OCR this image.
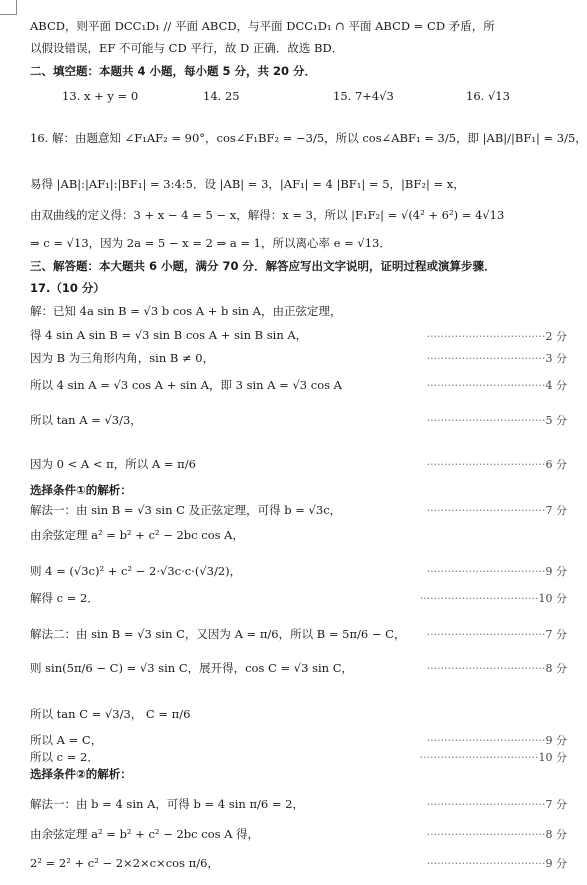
ABCD，则平面 DCC₁D₁ // 平面 ABCD，与平面 DCC₁D₁ ∩ 平面 ABCD = CD 矛盾，所
以假设错误，EF 不可能与 CD 平行，故 D 正确．故选 BD．
二、填空题：本题共 4 小题，每小题 5 分，共 20 分．
13. x + y = 0	14. 25	15. 7+4√3	16. √13
16. 解：由题意知 ∠F₁AF₂ = 90°，cos∠F₁BF₂ = −3/5，所以 cos∠ABF₁ = 3/5，即 |AB|/|BF₁| = 3/5，
易得 |AB|:|AF₁|:|BF₁| = 3:4:5．设 |AB| = 3，|AF₁| = 4 |BF₁| = 5，|BF₂| = x，
由双曲线的定义得：3 + x − 4 = 5 − x，解得：x = 3，所以 |F₁F₂| = √(4² + 6²) = 4√13
⇒ c = √13，因为 2a = 5 − x = 2 ⇒ a = 1，所以离心率 e = √13．
三、解答题：本大题共 6 小题，满分 70 分．解答应写出文字说明，证明过程或演算步骤．
17.（10 分）
解：已知 4a sin B = √3 b cos A + b sin A，由正弦定理，
得 4 sin A sin B = √3 sin B cos A + sin B sin A，	··································2 分
因为 B 为三角形内角，sin B ≠ 0，	··································3 分
所以 4 sin A = √3 cos A + sin A，即 3 sin A = √3 cos A	··································4 分
所以 tan A = √3/3，	··································5 分
因为 0 < A < π，所以 A = π/6	··································6 分
选择条件①的解析：
解法一：由 sin B = √3 sin C 及正弦定理，可得 b = √3c，	··································7 分
由余弦定理 a² = b² + c² − 2bc cos A，
则 4 = (√3c)² + c² − 2·√3c·c·(√3/2)，	··································9 分
解得 c = 2．	··································10 分
解法二：由 sin B = √3 sin C，又因为 A = π/6，所以 B = 5π/6 − C，	··································7 分
则 sin(5π/6 − C) = √3 sin C，展开得，cos C = √3 sin C，	··································8 分
所以 tan C = √3/3， C = π/6
所以 A = C，	··································9 分
所以 c = 2．	··································10 分
选择条件②的解析：
解法一：由 b = 4 sin A，可得 b = 4 sin π/6 = 2，	··································7 分
由余弦定理 a² = b² + c² − 2bc cos A 得，	··································8 分
2² = 2² + c² − 2×2×c×cos π/6，	··································9 分
